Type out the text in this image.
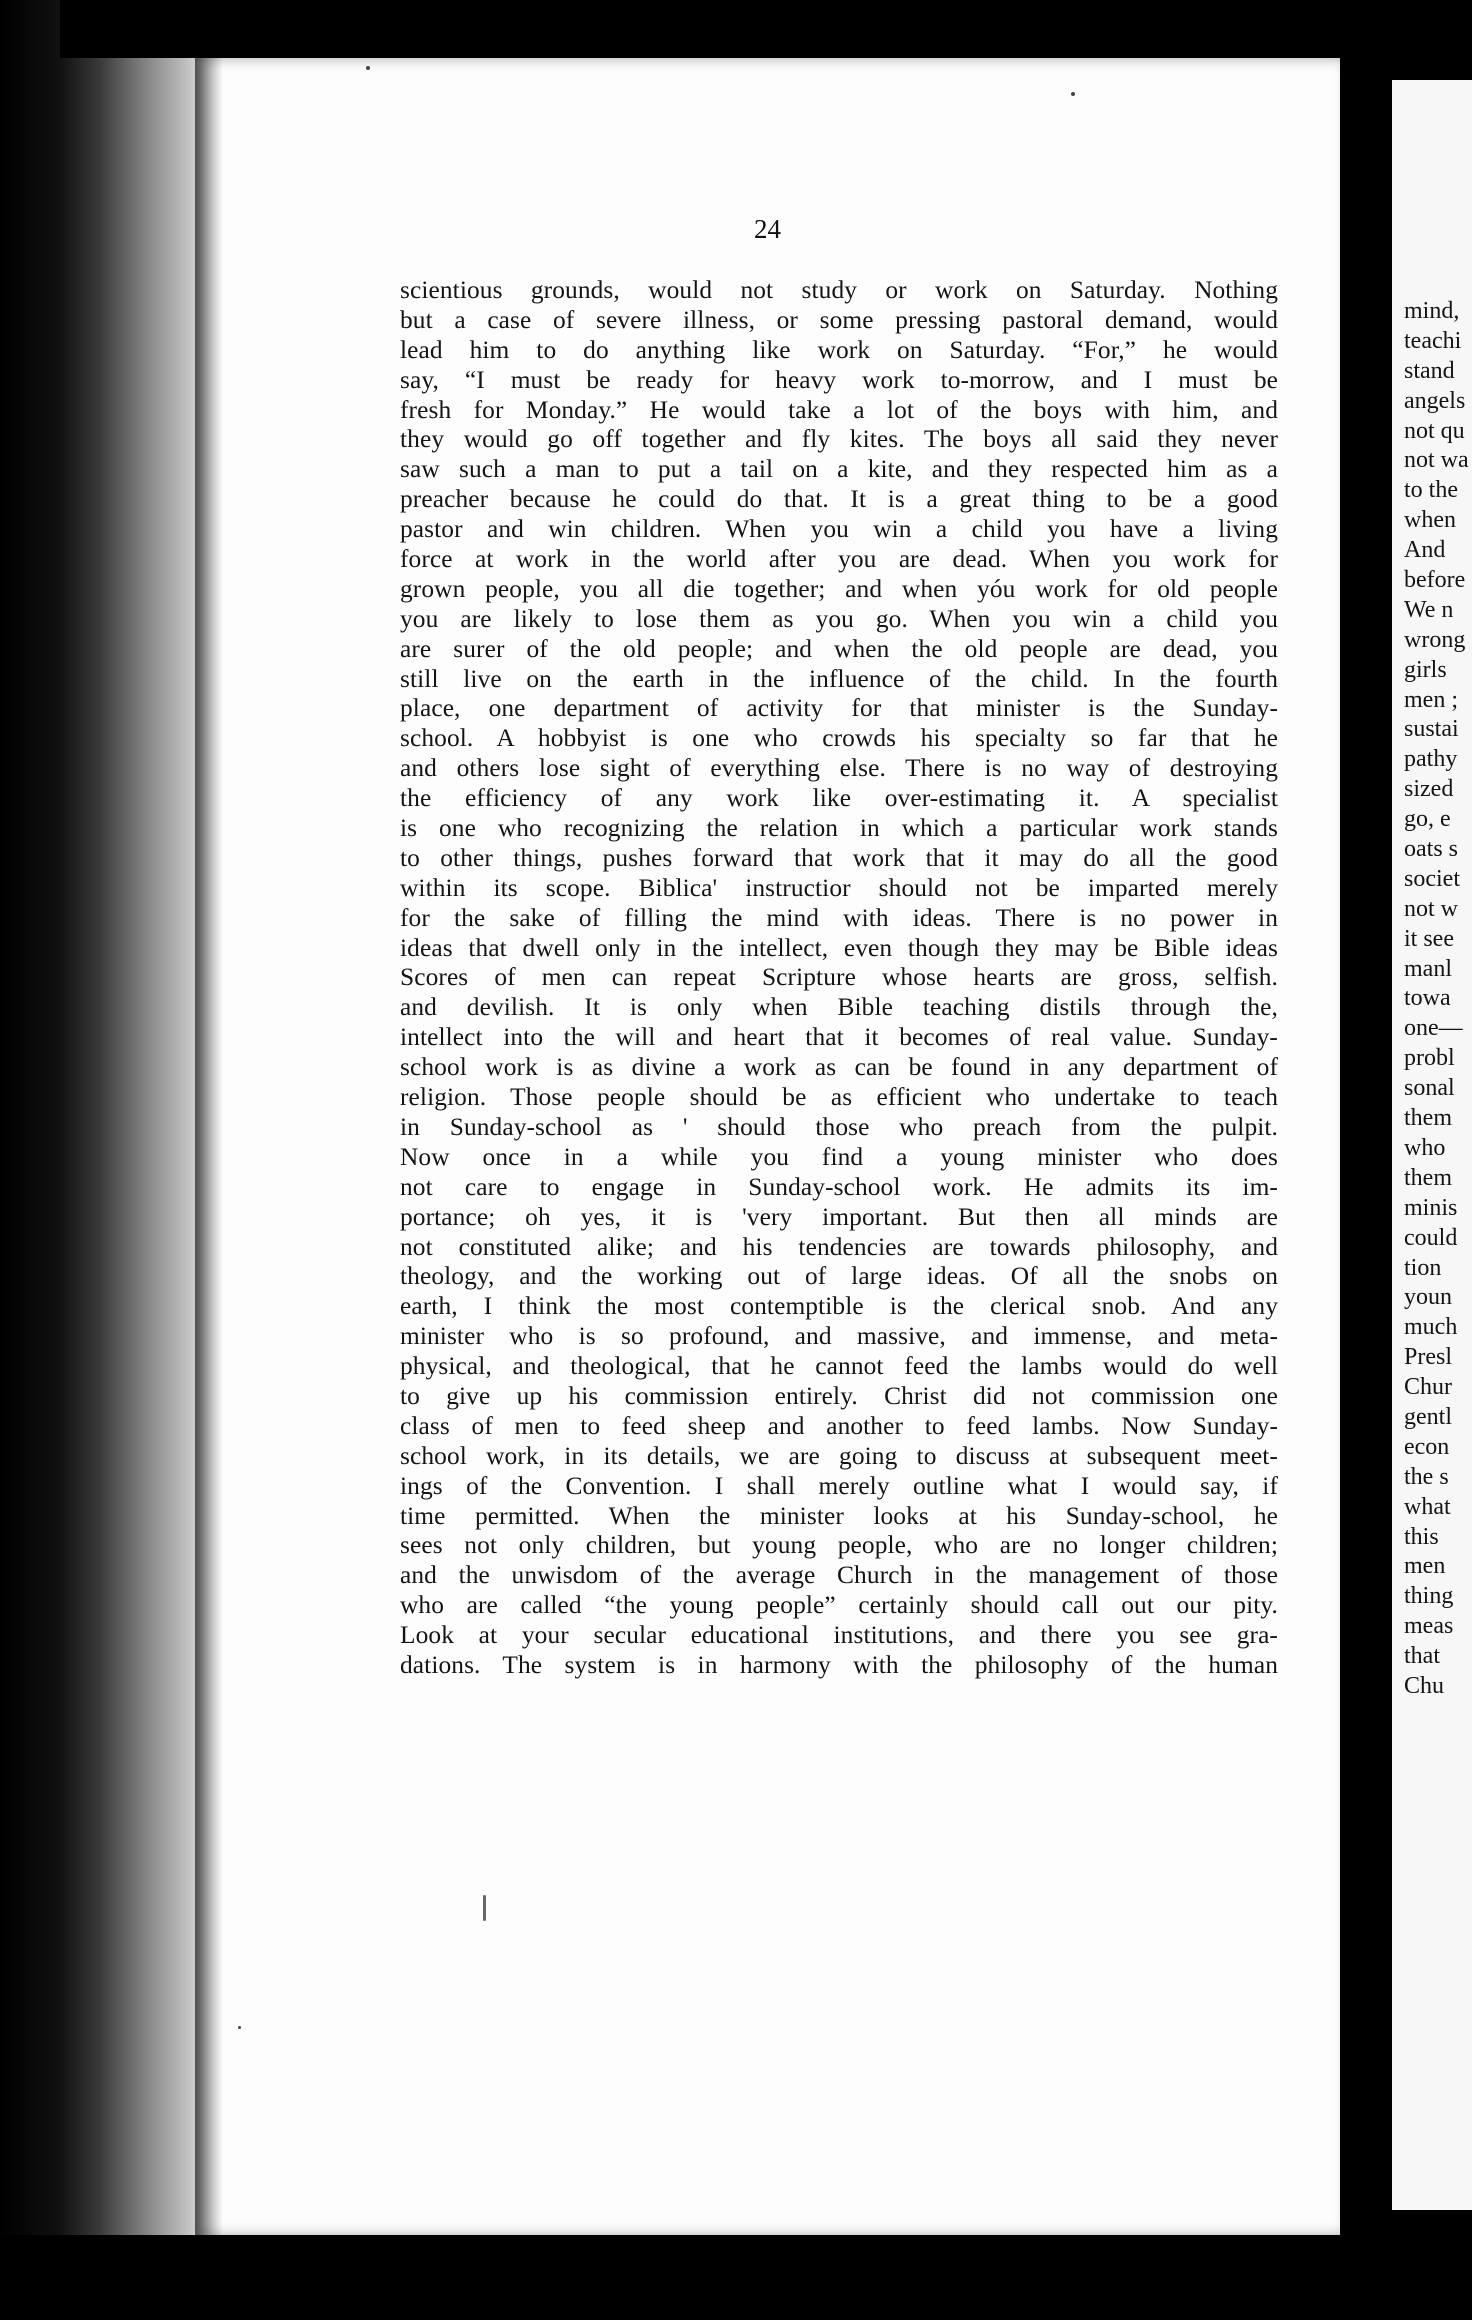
24
scientious grounds, would not study or work on Saturday. Nothing
but a case of severe illness, or some pressing pastoral demand, would
lead him to do anything like work on Saturday. “For,” he would
say, “I must be ready for heavy work to-morrow, and I must be
fresh for Monday.” He would take a lot of the boys with him, and
they would go off together and fly kites. The boys all said they never
saw such a man to put a tail on a kite, and they respected him as a
preacher because he could do that. It is a great thing to be a good
pastor and win children. When you win a child you have a living
force at work in the world after you are dead. When you work for
grown people, you all die together; and when yóu work for old people
you are likely to lose them as you go. When you win a child you
are surer of the old people; and when the old people are dead, you
still live on the earth in the influence of the child. In the fourth
place, one department of activity for that minister is the Sunday-
school. A hobbyist is one who crowds his specialty so far that he
and others lose sight of everything else. There is no way of destroying
the efficiency of any work like over-estimating it. A specialist
is one who recognizing the relation in which a particular work stands
to other things, pushes forward that work that it may do all the good
within its scope. Biblica' instructior should not be imparted merely
for the sake of filling the mind with ideas. There is no power in
ideas that dwell only in the intellect, even though they may be Bible ideas
Scores of men can repeat Scripture whose hearts are gross, selfish.
and devilish. It is only when Bible teaching distils through the,
intellect into the will and heart that it becomes of real value. Sunday-
school work is as divine a work as can be found in any department of
religion. Those people should be as efficient who undertake to teach
in Sunday-school as ' should those who preach from the pulpit.
Now once in a while you find a young minister who does
not care to engage in Sunday-school work. He admits its im-
portance; oh yes, it is 'very important. But then all minds are
not constituted alike; and his tendencies are towards philosophy, and
theology, and the working out of large ideas. Of all the snobs on
earth, I think the most contemptible is the clerical snob. And any
minister who is so profound, and massive, and immense, and meta-
physical, and theological, that he cannot feed the lambs would do well
to give up his commission entirely. Christ did not commission one
class of men to feed sheep and another to feed lambs. Now Sunday-
school work, in its details, we are going to discuss at subsequent meet-
ings of the Convention. I shall merely outline what I would say, if
time permitted. When the minister looks at his Sunday-school, he
sees not only children, but young people, who are no longer children;
and the unwisdom of the average Church in the management of those
who are called “the young people” certainly should call out our pity.
Look at your secular educational institutions, and there you see gra-
dations. The system is in harmony with the philosophy of the human
mind,
teachi
stand
angels
not qu
not wa
to the
when
And
before
We n
wrong
girls
men ;
sustai
pathy
sized
go, e
oats s
societ
not w
it see
manl
towa
one—
probl
sonal
them
who
them
minis
could
tion
youn
much
Presl
Chur
gentl
econ
the s
what
this
men
thing
meas
that
Chu
